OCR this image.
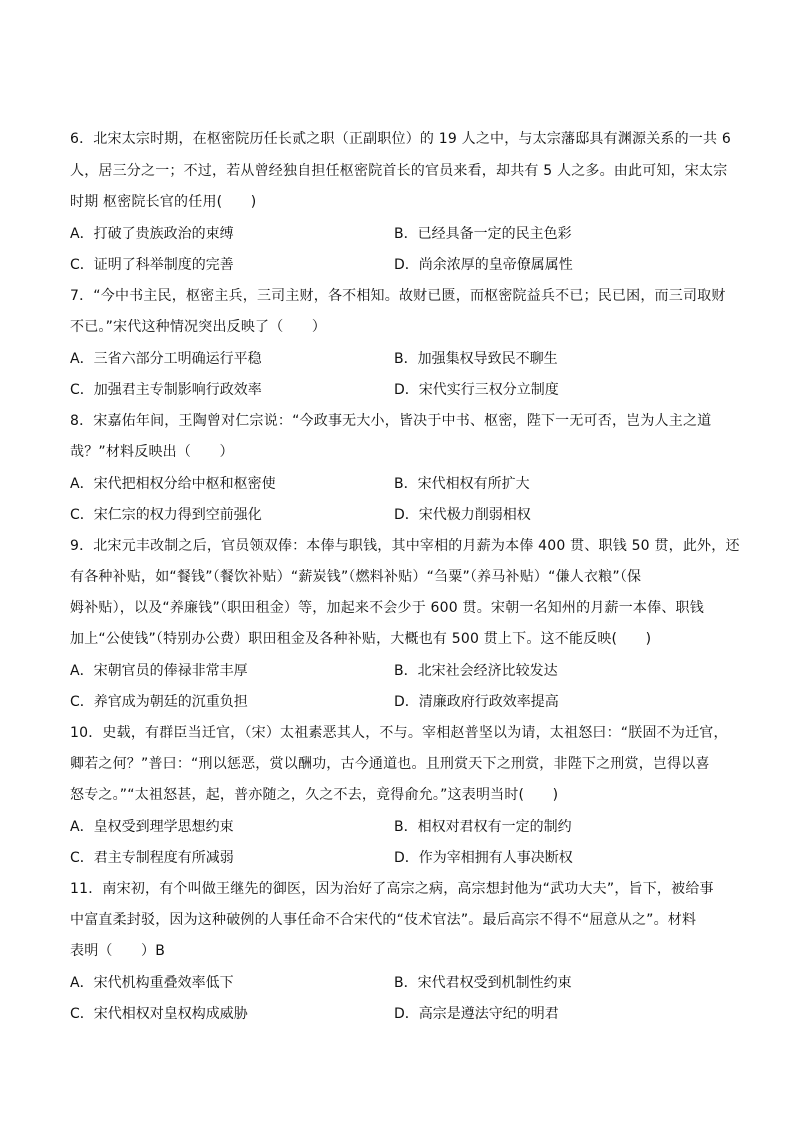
6．北宋太宗时期，在枢密院历任长贰之职（正副职位）的 19 人之中，与太宗藩邸具有渊源关系的一共 6
人，居三分之一；不过，若从曾经独自担任枢密院首长的官员来看，却共有 5 人之多。由此可知，宋太宗
时期 枢密院长官的任用(　　)
A．打破了贵族政治的束缚	B．已经具备一定的民主色彩
C．证明了科举制度的完善	D．尚余浓厚的皇帝僚属属性
7．“今中书主民，枢密主兵，三司主财，各不相知。故财已匮，而枢密院益兵不已；民已困，而三司取财
不已。”宋代这种情况突出反映了（　　）
A．三省六部分工明确运行平稳	B．加强集权导致民不聊生
C．加强君主专制影响行政效率	D．宋代实行三权分立制度
8．宋嘉佑年间，王陶曾对仁宗说：“今政事无大小，皆决于中书、枢密，陛下一无可否，岂为人主之道
哉？”材料反映出（　　）
A．宋代把相权分给中枢和枢密使	B．宋代相权有所扩大
C．宋仁宗的权力得到空前强化	D．宋代极力削弱相权
9．北宋元丰改制之后，官员领双俸：本俸与职钱，其中宰相的月薪为本俸 400 贯、职钱 50 贯，此外，还
有各种补贴，如“餐钱”（餐饮补贴）“薪炭钱”（燃料补贴）“刍粟”（养马补贴）“傔人衣粮”（保
姆补贴），以及“养廉钱”（职田租金）等，加起来不会少于 600 贯。宋朝一名知州的月薪一本俸、职钱
加上“公使钱”（特别办公费）职田租金及各种补贴，大概也有 500 贯上下。这不能反映(　　)
A．宋朝官员的俸禄非常丰厚	B．北宋社会经济比较发达
C．养官成为朝廷的沉重负担	D．清廉政府行政效率提高
10．史载，有群臣当迁官，（宋）太祖素恶其人，不与。宰相赵普坚以为请，太祖怒曰：“朕固不为迁官，
卿若之何？”普曰：“刑以惩恶，赏以酬功，古今通道也。且刑赏天下之刑赏，非陛下之刑赏，岂得以喜
怒专之。”“太祖怒甚，起，普亦随之，久之不去，竟得俞允。”这表明当时(　　)
A．皇权受到理学思想约束	B．相权对君权有一定的制约
C．君主专制程度有所减弱	D．作为宰相拥有人事决断权
11．南宋初，有个叫做王继先的御医，因为治好了高宗之病，高宗想封他为“武功大夫”，旨下，被给事
中富直柔封驳，因为这种破例的人事任命不合宋代的“伎术官法”。最后高宗不得不“屈意从之”。材料
表明（　　）B
A．宋代机构重叠效率低下	B．宋代君权受到机制性约束
C．宋代相权对皇权构成威胁	D．高宗是遵法守纪的明君
